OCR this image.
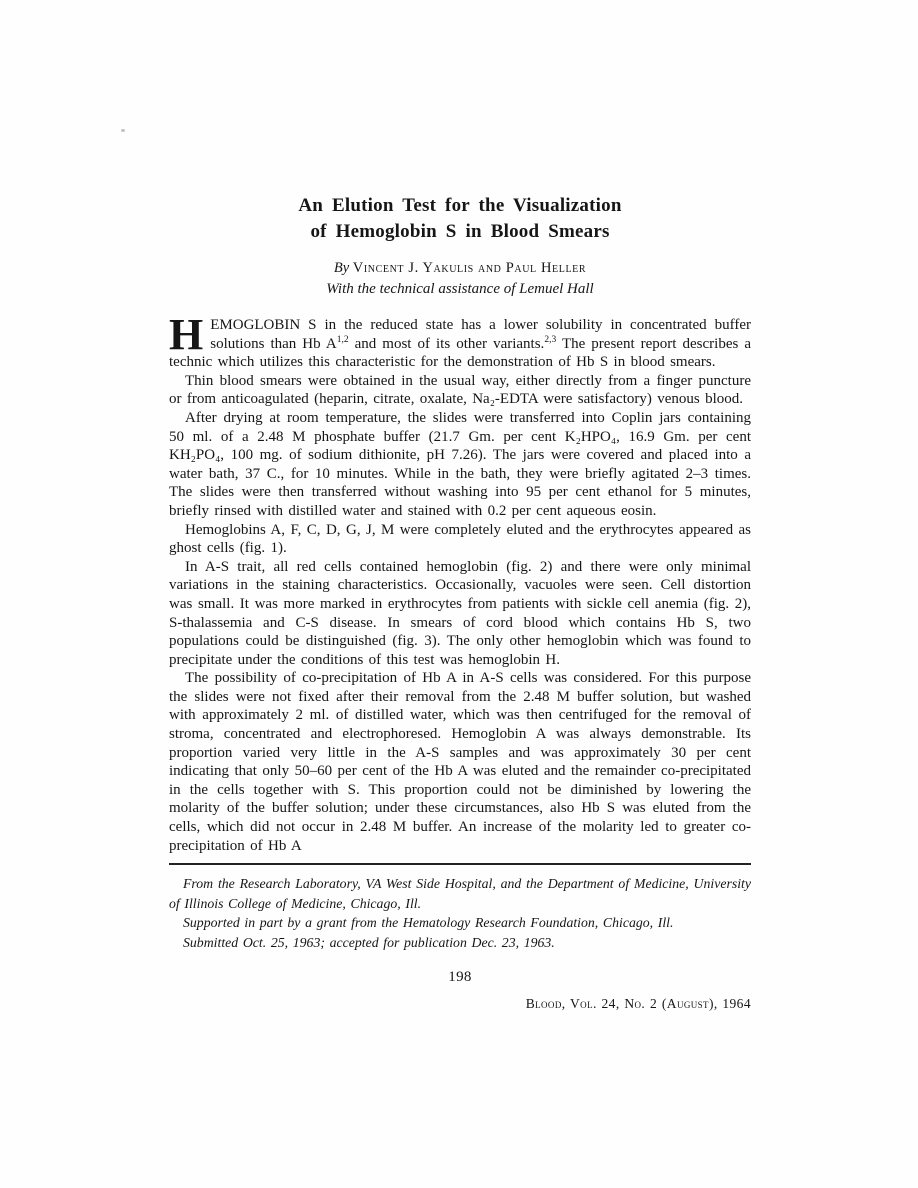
An Elution Test for the Visualization
of Hemoglobin S in Blood Smears
By Vincent J. Yakulis and Paul Heller
With the technical assistance of Lemuel Hall

HEMOGLOBIN S in the reduced state has a lower solubility in concentrated buffer solutions than Hb A$^{1,2}$ and most of its other variants.$^{2,3}$ The present report describes a technic which utilizes this characteristic for the demonstration of Hb S in blood smears.

Thin blood smears were obtained in the usual way, either directly from a finger puncture or from anticoagulated (heparin, citrate, oxalate, Na₂-EDTA were satisfactory) venous blood.

After drying at room temperature, the slides were transferred into Coplin jars containing 50 ml. of a 2.48 M phosphate buffer (21.7 Gm. per cent K₂HPO₄, 16.9 Gm. per cent KH₂PO₄, 100 mg. of sodium dithionite, pH 7.26). The jars were covered and placed into a water bath, 37 C., for 10 minutes. While in the bath, they were briefly agitated 2–3 times. The slides were then transferred without washing into 95 per cent ethanol for 5 minutes, briefly rinsed with distilled water and stained with 0.2 per cent aqueous eosin.

Hemoglobins A, F, C, D, G, J, M were completely eluted and the erythrocytes appeared as ghost cells (fig. 1).

In A-S trait, all red cells contained hemoglobin (fig. 2) and there were only minimal variations in the staining characteristics. Occasionally, vacuoles were seen. Cell distortion was small. It was more marked in erythrocytes from patients with sickle cell anemia (fig. 2), S-thalassemia and C-S disease. In smears of cord blood which contains Hb S, two populations could be distinguished (fig. 3). The only other hemoglobin which was found to precipitate under the conditions of this test was hemoglobin H.

The possibility of co-precipitation of Hb A in A-S cells was considered. For this purpose the slides were not fixed after their removal from the 2.48 M buffer solution, but washed with approximately 2 ml. of distilled water, which was then centrifuged for the removal of stroma, concentrated and electrophoresed. Hemoglobin A was always demonstrable. Its proportion varied very little in the A-S samples and was approximately 30 per cent indicating that only 50–60 per cent of the Hb A was eluted and the remainder co-precipitated in the cells together with S. This proportion could not be diminished by lowering the molarity of the buffer solution; under these circumstances, also Hb S was eluted from the cells, which did not occur in 2.48 M buffer. An increase of the molarity led to greater co-precipitation of Hb A

From the Research Laboratory, VA West Side Hospital, and the Department of Medicine, University of Illinois College of Medicine, Chicago, Ill.

Supported in part by a grant from the Hematology Research Foundation, Chicago, Ill.

Submitted Oct. 25, 1963; accepted for publication Dec. 23, 1963.

198
Blood, Vol. 24, No. 2 (August), 1964
